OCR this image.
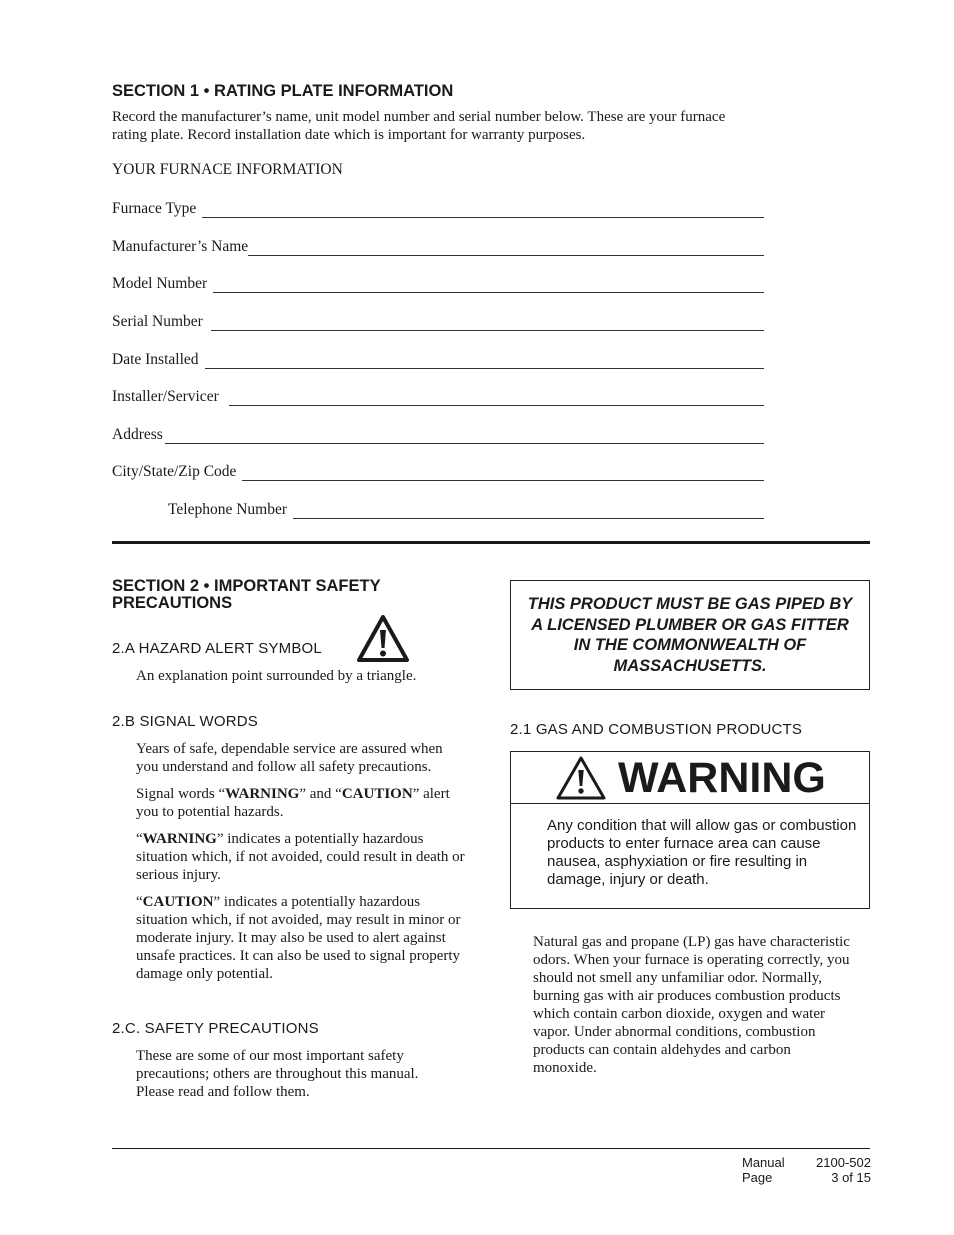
SECTION 1 • RATING PLATE INFORMATION
Record the manufacturer’s name, unit model number and serial number below. These are your furnace
rating plate. Record installation date which is important for warranty purposes.
YOUR FURNACE INFORMATION
Furnace Type
Manufacturer’s Name
Model Number
Serial Number
Date Installed
Installer/Servicer
Address
City/State/Zip Code
Telephone Number
SECTION 2 • IMPORTANT SAFETY
PRECAUTIONS
2.A HAZARD ALERT SYMBOL
An explanation point surrounded by a triangle.
2.B SIGNAL WORDS

Years of safe, dependable service are assured when you understand and follow all safety precautions.

Signal words “WARNING” and “CAUTION” alert you to potential hazards.

“WARNING” indicates a potentially hazardous situation which, if not avoided, could result in death or serious injury.

“CAUTION” indicates a potentially hazardous situation which, if not avoided, may result in minor or moderate injury. It may also be used to alert against unsafe practices. It can also be used to signal property damage only potential.

2.C. SAFETY PRECAUTIONS
These are some of our most important safety precautions; others are throughout this manual. Please read and follow them.
THIS PRODUCT MUST BE GAS PIPED BY
A LICENSED PLUMBER OR GAS FITTER
IN THE COMMONWEALTH OF
MASSACHUSETTS.
2.1 GAS AND COMBUSTION PRODUCTS
WARNING
Any condition that will allow gas or combustion products to enter furnace area can cause nausea, asphyxiation or fire resulting in damage, injury or death.
Natural gas and propane (LP) gas have characteristic odors. When your furnace is operating correctly, you should not smell any unfamiliar odor. Normally, burning gas with air produces combustion products which contain carbon dioxide, oxygen and water vapor. Under abnormal conditions, combustion products can contain aldehydes and carbon monoxide.
Manual
Page
2100-502
3 of 15
